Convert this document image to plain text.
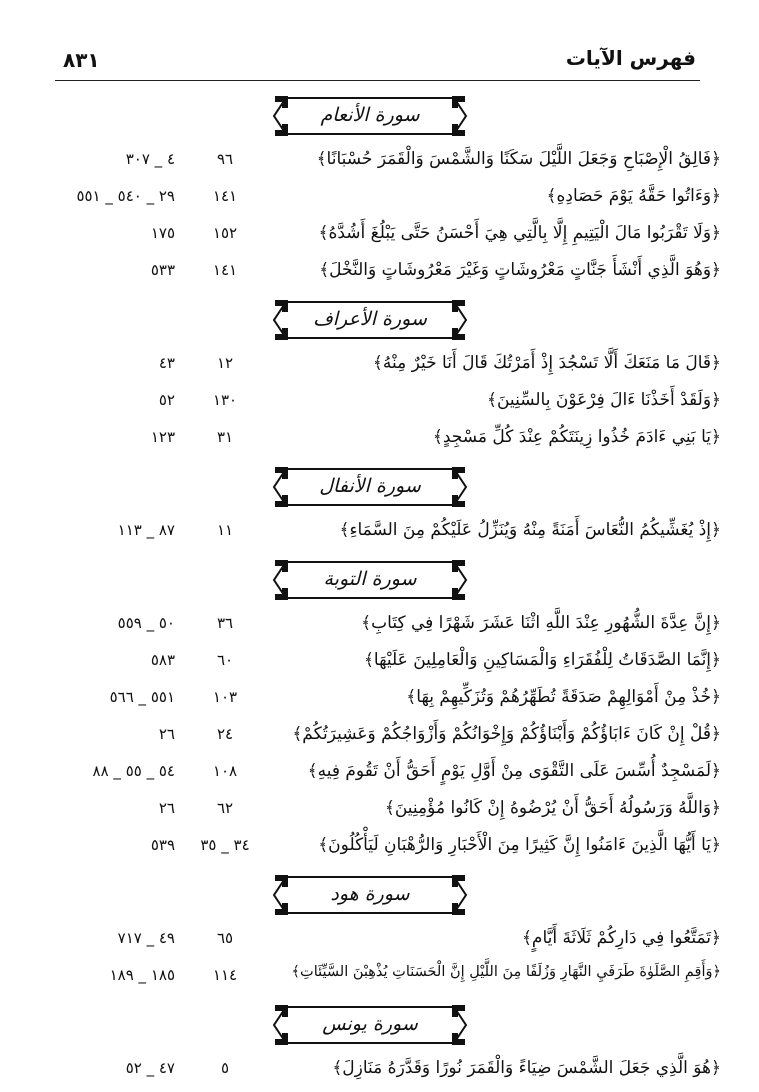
٨٣١	فهرس الآيات
سورة الأنعام
﴿فَالِقُ الْإِصْبَاحِ وَجَعَلَ اللَّيْلَ سَكَنًا وَالشَّمْسَ وَالْقَمَرَ حُسْبَانًا﴾
٩٦
٤ _ ٣٠٧
﴿وَءَاتُوا حَقَّهُ يَوْمَ حَصَادِهِ﴾
١٤١
٢٩ _ ٥٤٠ _ ٥٥١
﴿وَلَا تَقْرَبُوا مَالَ الْيَتِيمِ إِلَّا بِالَّتِي هِيَ أَحْسَنُ حَتَّى يَبْلُغَ أَشُدَّهُ﴾
١٥٢
١٧٥
﴿وَهُوَ الَّذِي أَنْشَأَ جَنَّاتٍ مَعْرُوشَاتٍ وَغَيْرَ مَعْرُوشَاتٍ وَالنَّخْلَ﴾
١٤١
٥٣٣
سورة الأعراف
﴿قَالَ مَا مَنَعَكَ أَلَّا تَسْجُدَ إِذْ أَمَرْتُكَ قَالَ أَنَا خَيْرٌ مِنْهُ﴾
١٢
٤٣
﴿وَلَقَدْ أَخَذْنَا ءَالَ فِرْعَوْنَ بِالسِّنِينَ﴾
١٣٠
٥٢
﴿يَا بَنِي ءَادَمَ خُذُوا زِينَتَكُمْ عِنْدَ كُلِّ مَسْجِدٍ﴾
٣١
١٢٣
سورة الأنفال
﴿إِذْ يُغَشِّيكُمُ النُّعَاسَ أَمَنَةً مِنْهُ وَيُنَزِّلُ عَلَيْكُمْ مِنَ السَّمَاءِ﴾
١١
٨٧ _ ١١٣
سورة التوبة
﴿إِنَّ عِدَّةَ الشُّهُورِ عِنْدَ اللَّهِ اثْنَا عَشَرَ شَهْرًا فِي كِتَابِ﴾
٣٦
٥٠ _ ٥٥٩
﴿إِنَّمَا الصَّدَقَاتُ لِلْفُقَرَاءِ وَالْمَسَاكِينِ وَالْعَامِلِينَ عَلَيْهَا﴾
٦٠
٥٨٣
﴿خُذْ مِنْ أَمْوَالِهِمْ صَدَقَةً تُطَهِّرُهُمْ وَتُزَكِّيهِمْ بِهَا﴾
١٠٣
٥٥١ _ ٥٦٦
﴿قُلْ إِنْ كَانَ ءَابَاؤُكُمْ وَأَبْنَاؤُكُمْ وَإِخْوَانُكُمْ وَأَزْوَاجُكُمْ وَعَشِيرَتُكُمْ﴾
٢٤
٢٦
﴿لَمَسْجِدٌ أُسِّسَ عَلَى التَّقْوَى مِنْ أَوَّلِ يَوْمٍ أَحَقُّ أَنْ تَقُومَ فِيهِ﴾
١٠٨
٥٤ _ ٥٥ _ ٨٨
﴿وَاللَّهُ وَرَسُولُهُ أَحَقُّ أَنْ يُرْضُوهُ إِنْ كَانُوا مُؤْمِنِينَ﴾
٦٢
٢٦
﴿يَا أَيُّهَا الَّذِينَ ءَامَنُوا إِنَّ كَثِيرًا مِنَ الْأَحْبَارِ وَالرُّهْبَانِ لَيَأْكُلُونَ﴾
٣٤ _ ٣٥
٥٣٩
سورة هود
﴿تَمَتَّعُوا فِي دَارِكُمْ ثَلَاثَةَ أَيَّامٍ﴾
٦٥
٤٩ _ ٧١٧
﴿وَأَقِمِ الصَّلَوٰةَ طَرَفَيِ النَّهَارِ وَزُلَفًا مِنَ اللَّيْلِ إِنَّ الْحَسَنَاتِ يُذْهِبْنَ السَّيِّئَاتِ﴾
١١٤
١٨٥ _ ١٨٩
سورة يونس
﴿هُوَ الَّذِي جَعَلَ الشَّمْسَ ضِيَاءً وَالْقَمَرَ نُورًا وَقَدَّرَهُ مَنَازِلَ﴾
٥
٤٧ _ ٥٢
